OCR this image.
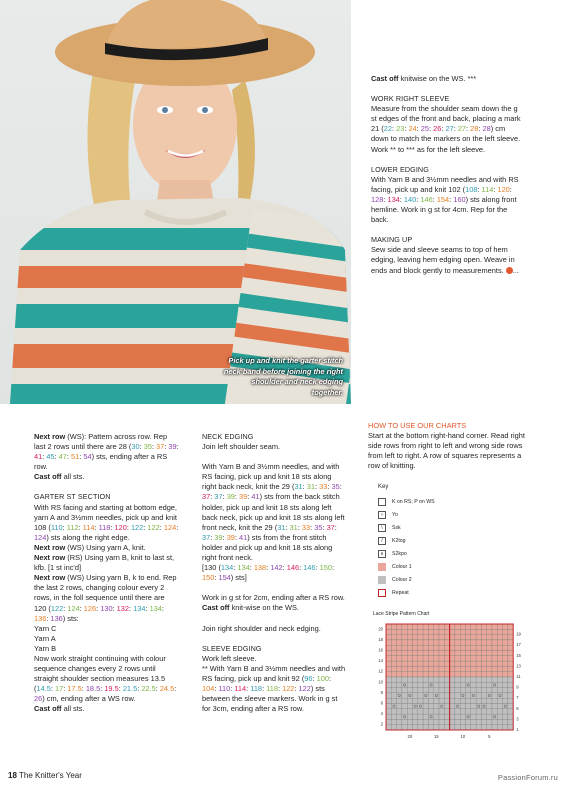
Pick up and knit the garter stitch neck band before joining the right shoulder and neck edging together.

Cast off knitwise on the WS. ***

WORK RIGHT SLEEVE

Measure from the shoulder seam down the g st edges of the front and back, placing a mark 21 (22: 23: 24: 25: 26: 27: 27: 28: 28) cm down to match the markers on the left sleeve. Work ** to *** as for the left sleeve.

LOWER EDGING

With Yarn B and 3½mm needles and with RS facing, pick up and knit 102 (108: 114: 120: 128: 134: 140: 146: 154: 160) sts along front hemline. Work in g st for 4cm. Rep for the back.

MAKING UP

Sew side and sleeve seams to top of hem edging, leaving hem edging open. Weave in ends and block gently to measurements. ...

Next row (WS): Pattern across row. Rep last 2 rows until there are 28 (30: 35: 37: 39: 41: 45: 47: 51: 54) sts, ending after a RS row.

Cast off all sts.

GARTER ST SECTION

With RS facing and starting at bottom edge, yarn A and 3½mm needles, pick up and knit 108 (110: 112: 114: 118: 120: 122: 122: 124: 124) sts along the right edge.

Next row (WS) Using yarn A, knit.

Next row (RS) Using yarn B, knit to last st, kfb. [1 st inc'd]

Next row (WS) Using yarn B, k to end. Rep the last 2 rows, changing colour every 2 rows, in the foll sequence until there are 120 (122: 124: 126: 130: 132: 134: 134: 136: 136) sts:

Yarn C

Yarn A

Yarn B

Now work straight continuing with colour sequence changes every 2 rows until straight shoulder section measures 13.5 (14.5: 17: 17.5: 18.5: 19.5: 21.5: 22.5: 24.5: 26) cm, ending after a WS row.

Cast off all sts.

NECK EDGING

Join left shoulder seam.

With Yarn B and 3½mm needles, and with RS facing, pick up and knit 18 sts along right back neck, knit the 29 (31: 31: 33: 35: 37: 37: 39: 39: 41) sts from the back stitch holder, pick up and knit 18 sts along left back neck, pick up and knit 18 sts along left front neck, knit the 29 (31: 31: 33: 35: 37: 37: 39: 39: 41) sts from the front stitch holder and pick up and knit 18 sts along right front neck.

[130 (134: 134: 138: 142: 146: 146: 150: 150: 154) sts]

Work in g st for 2cm, ending after a RS row. Cast off knit-wise on the WS.

Join right shoulder and neck edging.

SLEEVE EDGING

Work left sleeve.

** With Yarn B and 3½mm needles and with RS facing, pick up and knit 92 (96: 100: 104: 110: 114: 118: 118: 122: 122) sts between the sleeve markers. Work in g st for 3cm, ending after a RS row.

HOW TO USE OUR CHARTS

Start at the bottom right-hand corner. Read right side rows from right to left and wrong side rows from left to right. A row of squares represents a row of knitting.

Key

K on RS; P on WS
○	Yo
\	Ssk
/	K2tog
∧	S2kpo
Colour 1
Colour 2
Repeat

Lace Stripe Pattern Chart

20
18
16
14
12
10
8
6
4
2
19
17
15
13
11
9
7
5
3
1
20	15	10	5
18 The Knitter's Year	PassionForum.ru
